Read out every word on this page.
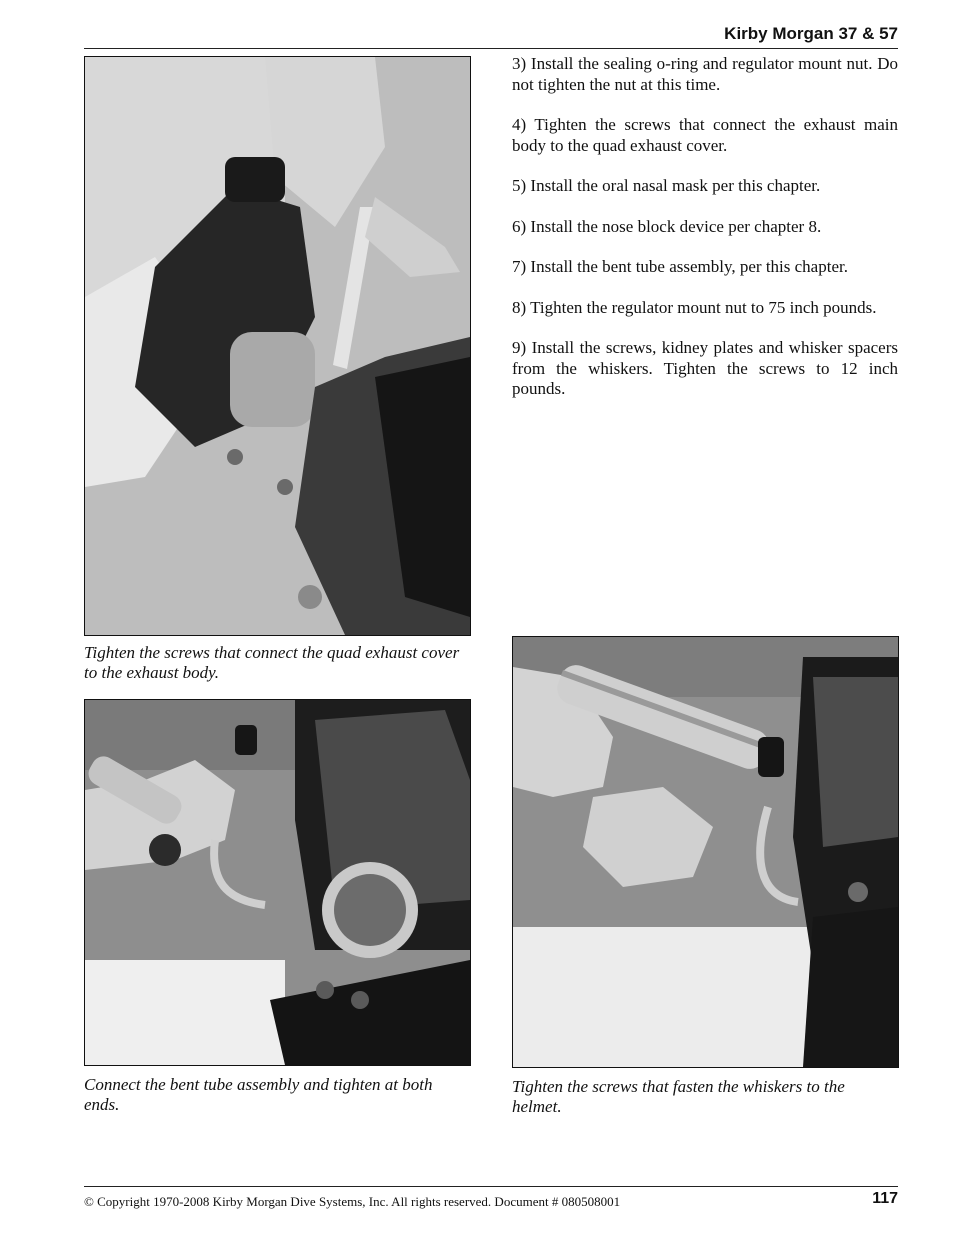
Kirby Morgan 37 & 57
Tighten the screws that connect the quad exhaust cover to the exhaust body.

3) Install the sealing o-ring and regulator mount nut. Do not tighten the nut at this time.

4) Tighten the screws that connect the exhaust main body to the quad exhaust cover.

5) Install the oral nasal mask per this chapter.

6) Install the nose block device per chapter 8.

7) Install the bent tube assembly, per this chapter.

8) Tighten the regulator mount nut to 75 inch pounds.

9) Install the screws, kidney plates and whisker spacers from the whiskers. Tighten the screws to 12 inch pounds.

Connect the bent tube assembly and tighten at both ends.
Tighten the screws that fasten the whiskers to the helmet.
© Copyright 1970-2008 Kirby Morgan Dive Systems, Inc. All rights reserved. Document # 080508001	117
